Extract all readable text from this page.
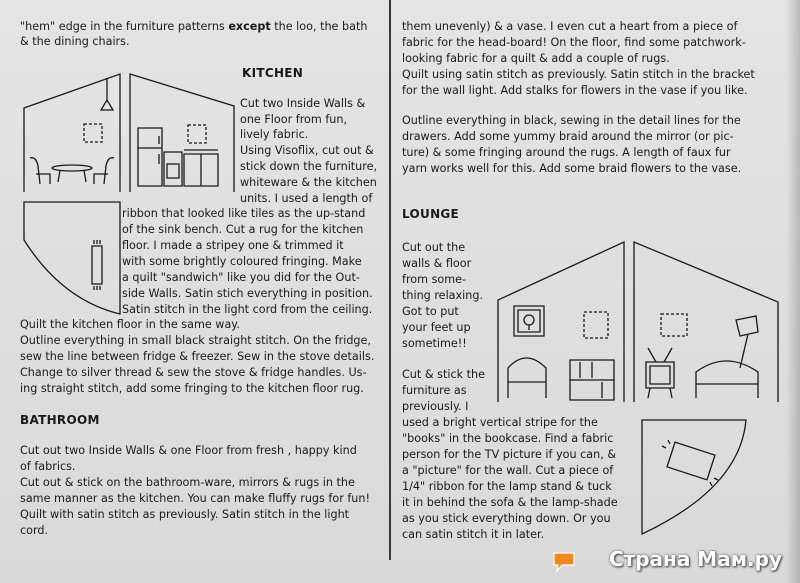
"hem" edge in the furniture patterns except the loo, the bath
& the dining chairs.
KITCHEN
Cut two Inside Walls &
one Floor from fun,
lively fabric.
Using Visoflix, cut out &
stick down the furniture,
whiteware & the kitchen
units. I used a length of
ribbon that looked like tiles as the up-stand
of the sink bench. Cut a rug for the kitchen
floor. I made a stripey one & trimmed it
with some brightly coloured fringing. Make
a quilt "sandwich" like you did for the Out-
side Walls. Satin stich everything in position.
Satin stitch in the light cord from the ceiling.
Quilt the kitchen floor in the same way.
Outline everything in small black straight stitch. On the fridge,
sew the line between fridge & freezer. Sew in the stove details.
Change to silver thread & sew the stove & fridge handles. Us-
ing straight stitch, add some fringing to the kitchen floor rug.
BATHROOM
Cut out two Inside Walls & one Floor from fresh , happy kind
of fabrics.
Cut out & stick on the bathroom-ware, mirrors & rugs in the
same manner as the kitchen. You can make fluffy rugs for fun!
Quilt with satin stitch as previously. Satin stitch in the light
cord.
them unevenly) & a vase. I even cut a heart from a piece of
fabric for the head-board! On the floor, find some patchwork-
looking fabric for a quilt & add a couple of rugs.
Quilt using satin stitch as previously. Satin stitch in the bracket
for the wall light. Add stalks for flowers in the vase if you like.
Outline everything in black, sewing in the detail lines for the
drawers. Add some yummy braid around the mirror (or pic-
ture) & some fringing around the rugs. A length of faux fur
yarn works well for this. Add some braid flowers to the vase.
LOUNGE
Cut out the
walls & floor
from some-
thing relaxing.
Got to put
your feet up
sometime!!
Cut & stick the
furniture as
previously. I
used a bright vertical stripe for the
"books" in the bookcase. Find a fabric
person for the TV picture if you can, &
a "picture" for the wall. Cut a piece of
1/4" ribbon for the lamp stand & tuck
it in behind the sofa & the lamp-shade
as you stick everything down. Or you
can satin stitch it in later.
Страна Мам.ру
